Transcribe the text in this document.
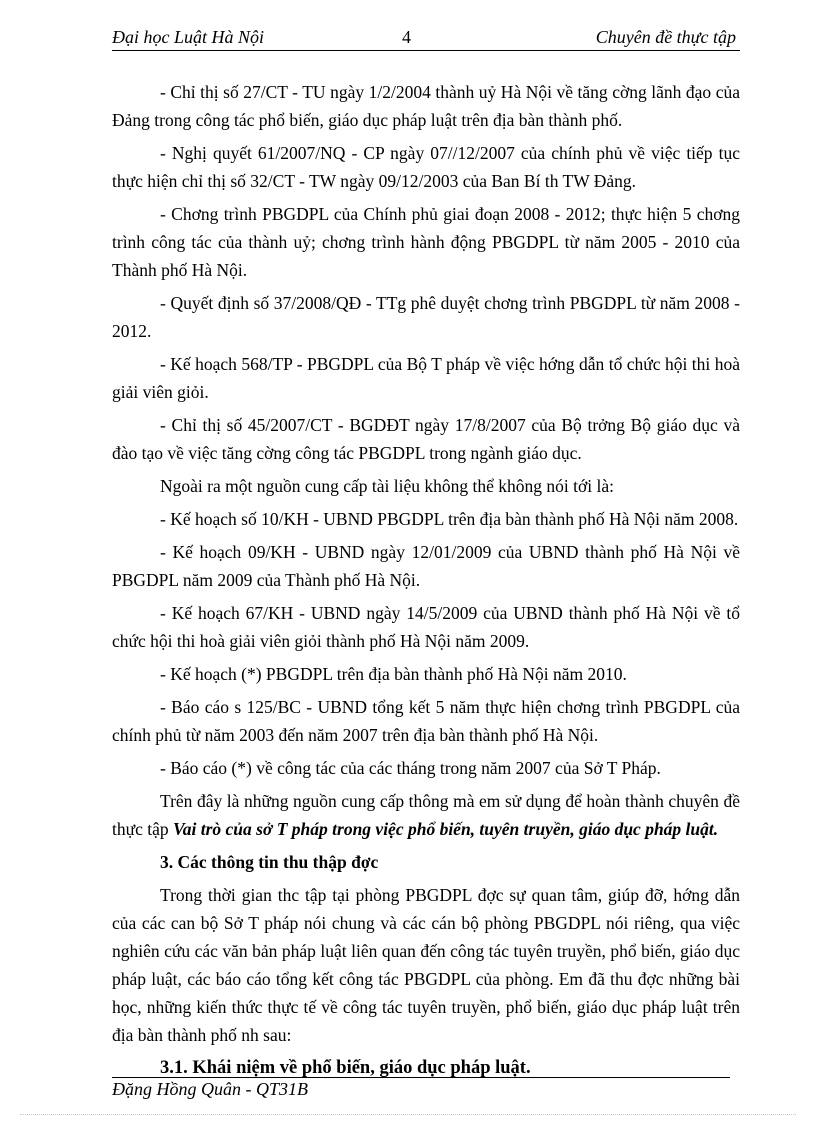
Đại học Luật Hà Nội	4	Chuyên đề thực tập

- Chỉ thị số 27/CT - TU ngày 1/2/2004 thành uỷ Hà Nội về tăng cờng lãnh đạo của Đảng trong công tác phổ biến, giáo dục pháp luật trên địa bàn thành phố.

- Nghị quyết 61/2007/NQ - CP ngày 07//12/2007 của chính phủ về việc tiếp tục thực hiện chỉ thị số 32/CT - TW ngày 09/12/2003 của Ban Bí th TW Đảng.

- Chơng trình PBGDPL của Chính phủ giai đoạn 2008 - 2012; thực hiện 5 chơng trình công tác của thành uỷ; chơng trình hành động PBGDPL từ năm 2005 - 2010 của Thành phố Hà Nội.

- Quyết định số 37/2008/QĐ - TTg phê duyệt chơng trình PBGDPL từ năm 2008 - 2012.

- Kế hoạch 568/TP - PBGDPL của Bộ T pháp về việc hớng dẫn tổ chức hội thi hoà giải viên giỏi.

- Chỉ thị số 45/2007/CT - BGDĐT ngày 17/8/2007 của Bộ trởng Bộ giáo dục và đào tạo về việc tăng cờng công tác PBGDPL trong ngành giáo dục.

Ngoài ra một nguồn cung cấp tài liệu không thể không nói tới là:

- Kế hoạch số 10/KH - UBND PBGDPL trên địa bàn thành phố Hà Nội năm 2008.

- Kế hoạch 09/KH - UBND ngày 12/01/2009 của UBND thành phố Hà Nội về PBGDPL năm 2009 của Thành phố Hà Nội.

- Kế hoạch 67/KH - UBND ngày 14/5/2009 của UBND thành phố Hà Nội về tổ chức hội thi hoà giải viên giỏi thành phố Hà Nội năm 2009.

- Kế hoạch (*) PBGDPL trên địa bàn thành phố Hà Nội năm 2010.

- Báo cáo s 125/BC - UBND tổng kết 5 năm thực hiện chơng trình PBGDPL của chính phủ từ năm 2003 đến năm 2007 trên địa bàn thành phố Hà Nội.

- Báo cáo (*) về công tác của các tháng trong năm 2007 của Sở T Pháp.

Trên đây là những nguồn cung cấp thông mà em sử dụng để hoàn thành chuyên đề thực tập Vai trò của sở T pháp trong việc phổ biến, tuyên truyền, giáo dục pháp luật.

3. Các thông tin thu thập đợc

Trong thời gian thc tập tại phòng PBGDPL đợc sự quan tâm, giúp đỡ, hớng dẫn của các can bộ Sở T pháp nói chung và các cán bộ phòng PBGDPL nói riêng, qua việc nghiên cứu các văn bản pháp luật liên quan đến công tác tuyên truyền, phổ biến, giáo dục pháp luật, các báo cáo tổng kết công tác PBGDPL của phòng. Em đã thu đợc những bài học, những kiến thức thực tế về công tác tuyên truyền, phổ biến, giáo dục pháp luật trên địa bàn thành phố nh sau:

3.1. Khái niệm về phổ biến, giáo dục pháp luật.

Đặng Hồng Quân - QT31B
